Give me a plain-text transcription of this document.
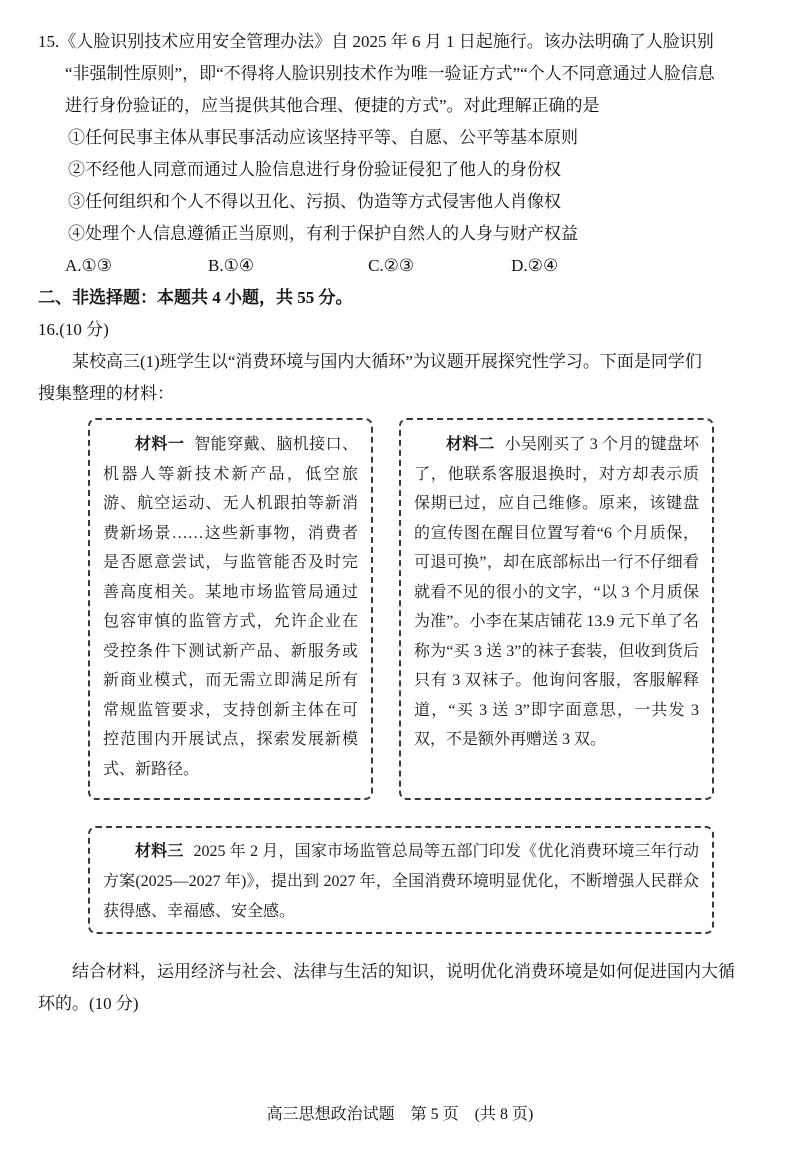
15.《人脸识别技术应用安全管理办法》自 2025 年 6 月 1 日起施行。该办法明确了人脸识别

“非强制性原则”，即“不得将人脸识别技术作为唯一验证方式”“个人不同意通过人脸信息

进行身份验证的，应当提供其他合理、便捷的方式”。对此理解正确的是

①任何民事主体从事民事活动应该坚持平等、自愿、公平等基本原则

②不经他人同意而通过人脸信息进行身份验证侵犯了他人的身份权

③任何组织和个人不得以丑化、污损、伪造等方式侵害他人肖像权

④处理个人信息遵循正当原则，有利于保护自然人的人身与财产权益

A.①③	B.①④	C.②③	D.②④

二、非选择题：本题共 4 小题，共 55 分。

16.(10 分)

某校高三(1)班学生以“消费环境与国内大循环”为议题开展探究性学习。下面是同学们

搜集整理的材料：

材料一 智能穿戴、脑机接口、机器人等新技术新产品，低空旅游、航空运动、无人机跟拍等新消费新场景……这些新事物，消费者是否愿意尝试，与监管能否及时完善高度相关。某地市场监管局通过包容审慎的监管方式，允许企业在受控条件下测试新产品、新服务或新商业模式，而无需立即满足所有常规监管要求，支持创新主体在可控范围内开展试点，探索发展新模式、新路径。

材料二 小吴刚买了 3 个月的键盘坏了，他联系客服退换时，对方却表示质保期已过，应自己维修。原来，该键盘的宣传图在醒目位置写着“6 个月质保，可退可换”，却在底部标出一行不仔细看就看不见的很小的文字，“以 3 个月质保为准”。小李在某店铺花 13.9 元下单了名称为“买 3 送 3”的袜子套装，但收到货后只有 3 双袜子。他询问客服，客服解释道，“买 3 送 3”即字面意思，一共发 3 双，不是额外再赠送 3 双。

材料三 2025 年 2 月，国家市场监管总局等五部门印发《优化消费环境三年行动方案(2025—2027 年)》，提出到 2027 年，全国消费环境明显优化，不断增强人民群众获得感、幸福感、安全感。

结合材料，运用经济与社会、法律与生活的知识，说明优化消费环境是如何促进国内大循

环的。(10 分)

高三思想政治试题　第 5 页　(共 8 页)
